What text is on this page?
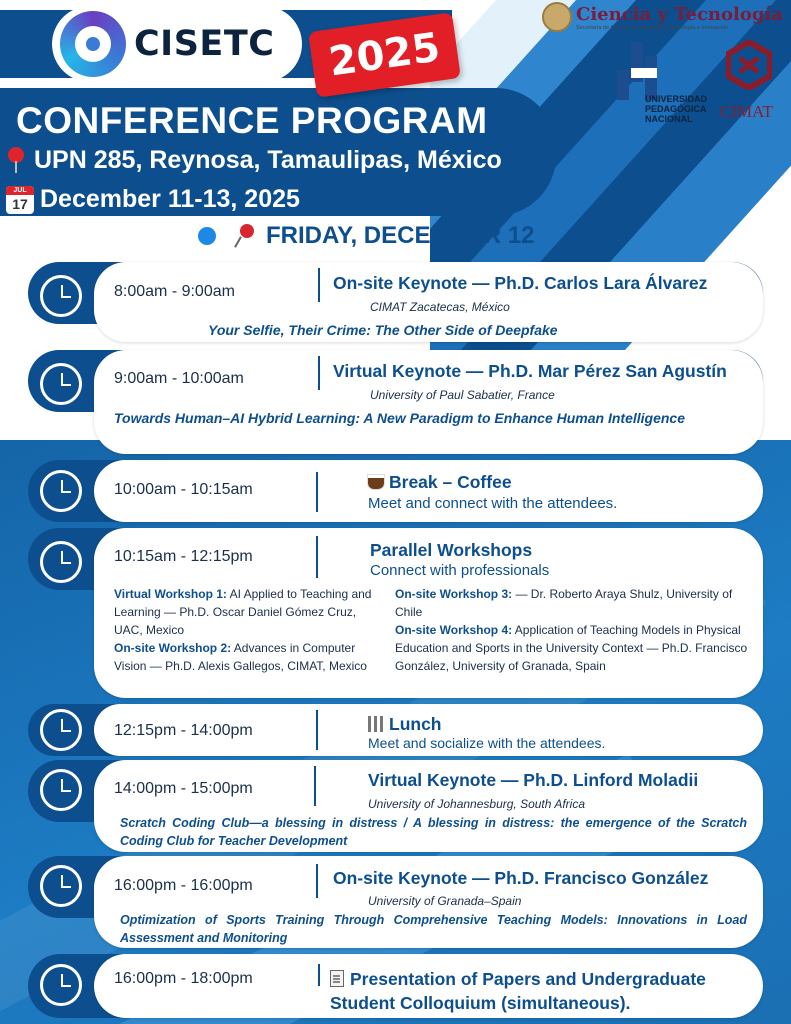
CISETC 2025
CONFERENCE PROGRAM
UPN 285, Reynosa, Tamaulipas, México
JUL
17 December 11-13, 2025
Ciencia y Tecnología
Secretaría de Ciencia, Humanidades, Tecnología e Innovación
UNIVERSIDAD
PEDAGÓGICA
NACIONAL	CIMAT
FRIDAY, DECEMBER 12
8:00am - 9:00am	On-site Keynote — Ph.D. Carlos Lara Álvarez
CIMAT Zacatecas, México
Your Selfie, Their Crime: The Other Side of Deepfake
9:00am - 10:00am	Virtual Keynote — Ph.D. Mar Pérez San Agustín
University of Paul Sabatier, France
Towards Human–AI Hybrid Learning: A New Paradigm to Enhance Human Intelligence
10:00am - 10:15am	Break – Coffee
Meet and connect with the attendees.
10:15am - 12:15pm	Parallel Workshops
Connect with professionals
Virtual Workshop 1: AI Applied to Teaching and Learning — Ph.D. Oscar Daniel Gómez Cruz, UAC, Mexico
On-site Workshop 2: Advances in Computer Vision — Ph.D. Alexis Gallegos, CIMAT, Mexico
On-site Workshop 3: — Dr. Roberto Araya Shulz, University of Chile
On-site Workshop 4: Application of Teaching Models in Physical Education and Sports in the University Context — Ph.D. Francisco González, University of Granada, Spain
12:15pm - 14:00pm	Lunch
Meet and socialize with the attendees.
14:00pm - 15:00pm	Virtual Keynote — Ph.D. Linford Moladii
University of Johannesburg, South Africa
Scratch Coding Club—a blessing in distress / A blessing in distress: the emergence of the Scratch Coding Club for Teacher Development
16:00pm - 16:00pm	On-site Keynote — Ph.D. Francisco González
University of Granada–Spain
Optimization of Sports Training Through Comprehensive Teaching Models: Innovations in Load Assessment and Monitoring
16:00pm - 18:00pm	Presentation of Papers and Undergraduate Student Colloquium (simultaneous).
